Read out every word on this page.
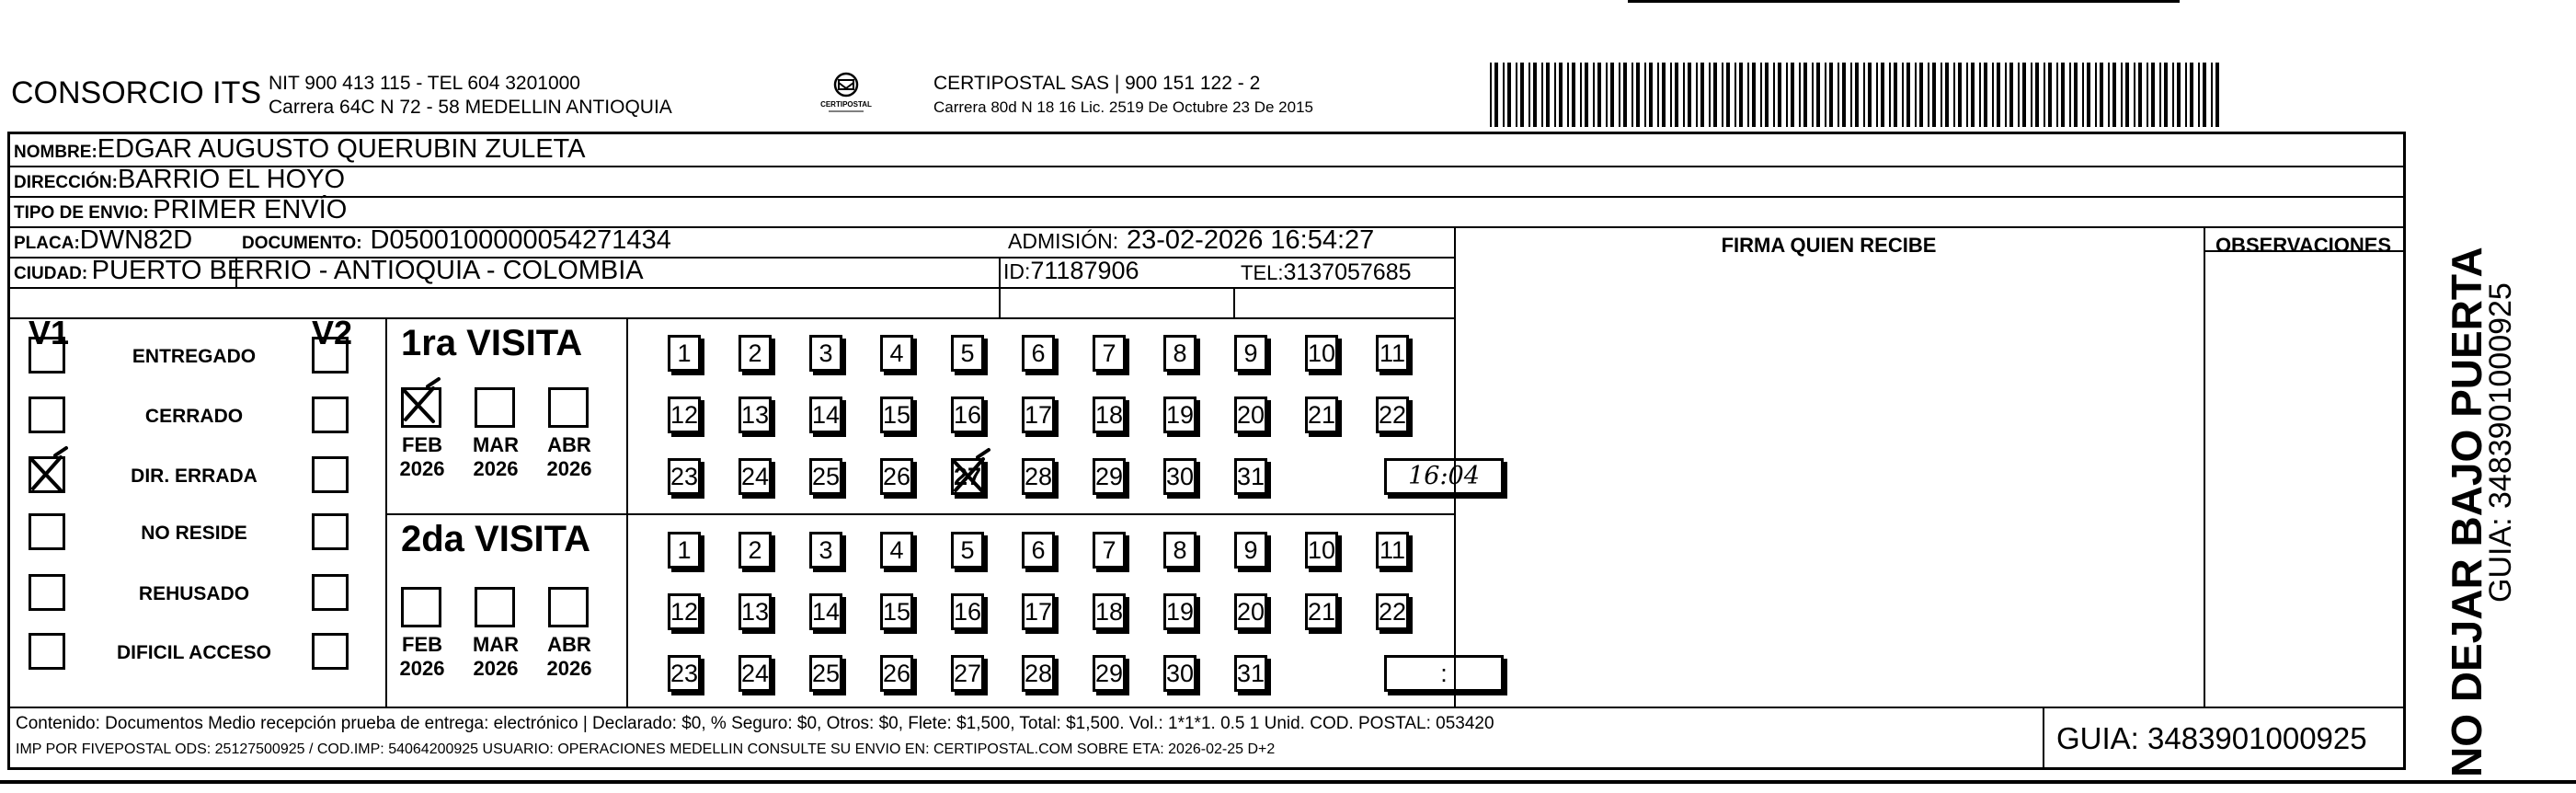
CONSORCIO ITS NIT 900 413 115 - TEL 604 3201000
Carrera 64C N 72 - 58 MEDELLIN ANTIOQUIA	CERTIPOSTAL
CERTIPOSTAL SAS | 900 151 122 - 2
Carrera 80d N 18 16 Lic. 2519 De Octubre 23 De 2015
NOMBRE:EDGAR AUGUSTO QUERUBIN ZULETA
DIRECCIÓN:BARRIO EL HOYO
TIPO DE ENVIO: PRIMER ENVÍO
FIRMA QUIEN RECIBE	OBSERVACIONES
PLACA:DWN82D	DOCUMENTO: D0500100000054271434	ADMISIÓN: 23-02-2026 16:54:27
CIUDAD: PUERTO BERRIO - ANTIOQUIA - COLOMBIA	ID:71187906	TEL:3137057685
V1	V2
ENTREGADO
CERRADO
DIR. ERRADA
NO RESIDE
REHUSADO
DIFICIL ACCESO
1ra VISITA
FEB
2026
MAR
2026
ABR
2026
1	2	3	4	5	6	7	8	9	10 11
12 13 14 15 16 17 18 19 20 21 22
23 24 25 26 27 28 29 30 31	16:04
2da VISITA
FEB
2026
MAR
2026
ABR
2026
1	2	3	4	5	6	7	8	9	10 11
12 13 14 15 16 17 18 19 20 21 22
23 24 25 26 27 28 29 30 31	:
Contenido: Documentos Medio recepción prueba de entrega: electrónico | Declarado: $0, % Seguro: $0, Otros: $0, Flete: $1,500, Total: $1,500. Vol.: 1*1*1. 0.5 1 Unid. COD. POSTAL: 053420
IMP POR FIVEPOSTAL ODS: 25127500925 / COD.IMP: 54064200925 USUARIO: OPERACIONES MEDELLIN CONSULTE SU ENVIO EN: CERTIPOSTAL.COM SOBRE ETA: 2026-02-25 D+2	GUIA: 3483901000925 NO DEJAR BAJO PUERTA
GUIA: 3483901000925
